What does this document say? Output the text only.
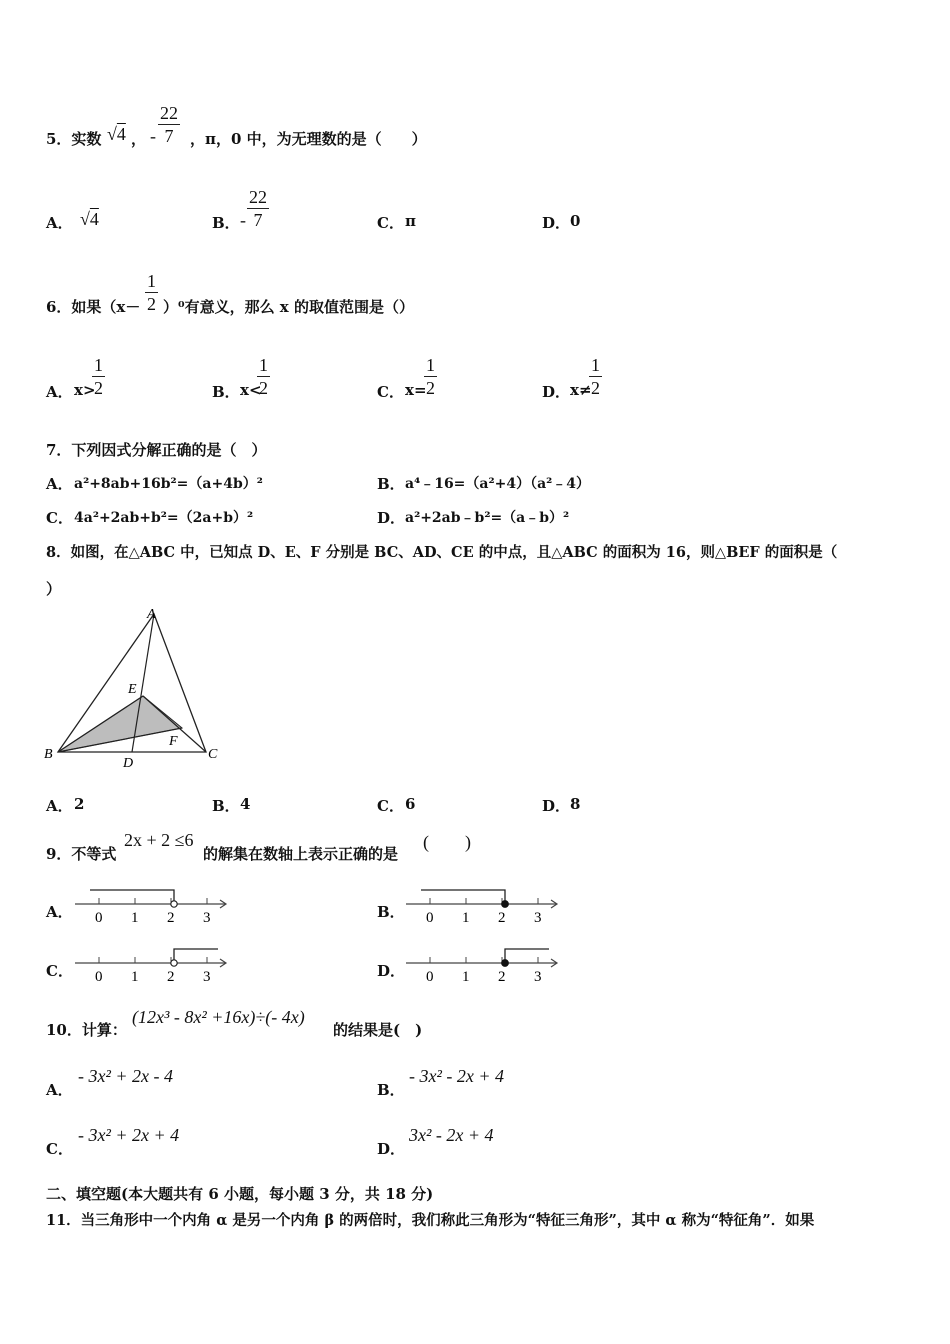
5．实数 √4 ， - $\frac{22}{7}$ ，π，0 中，为无理数的是（　　）
A． √4	B． - $\frac{22}{7}$	C． π	D． 0
6．如果$(x- \frac{1}{2} )^0$有意义，那么 x 的取值范围是（）
A． x>
$\frac{1}{2}$	B． x<
$\frac{1}{2}$	C． x=
$\frac{1}{2}$	D． x≠
$\frac{1}{2}$
7．下列因式分解正确的是（　）
A． a²+8ab+16b²=（a+4b）²	B． a⁴﹣16=（a²+4）（a²﹣4）
C． 4a²+2ab+b²=（2a+b）²	D． a²+2ab﹣b²=（a﹣b）²
8．如图，在△ABC 中，已知点 D、E、F 分别是 BC、AD、CE 的中点，且△ABC 的面积为 16，则△BEF 的面积是（
）
A
B	C
D
E
F
A． 2	B． 4	C． 6	D． 8
9．不等式
2x + 2 ≤6
的解集在数轴上表示正确的是
(　　)
A． 0 1 2 3	B． 0 1 2 3
C． 0 1 2 3	D． 0 1 2 3
10．计算：
(12x³ - 8x² +16x)÷(- 4x)
的结果是(　)
A．
- 3x² + 2x - 4
B．
- 3x² - 2x + 4
C．
- 3x² + 2x + 4
D．
3x² - 2x + 4
二、填空题(本大题共有 6 小题，每小题 3 分，共 18 分)
11．当三角形中一个内角 α 是另一个内角 β 的两倍时，我们称此三角形为“特征三角形”，其中 α 称为“特征角”．如果
